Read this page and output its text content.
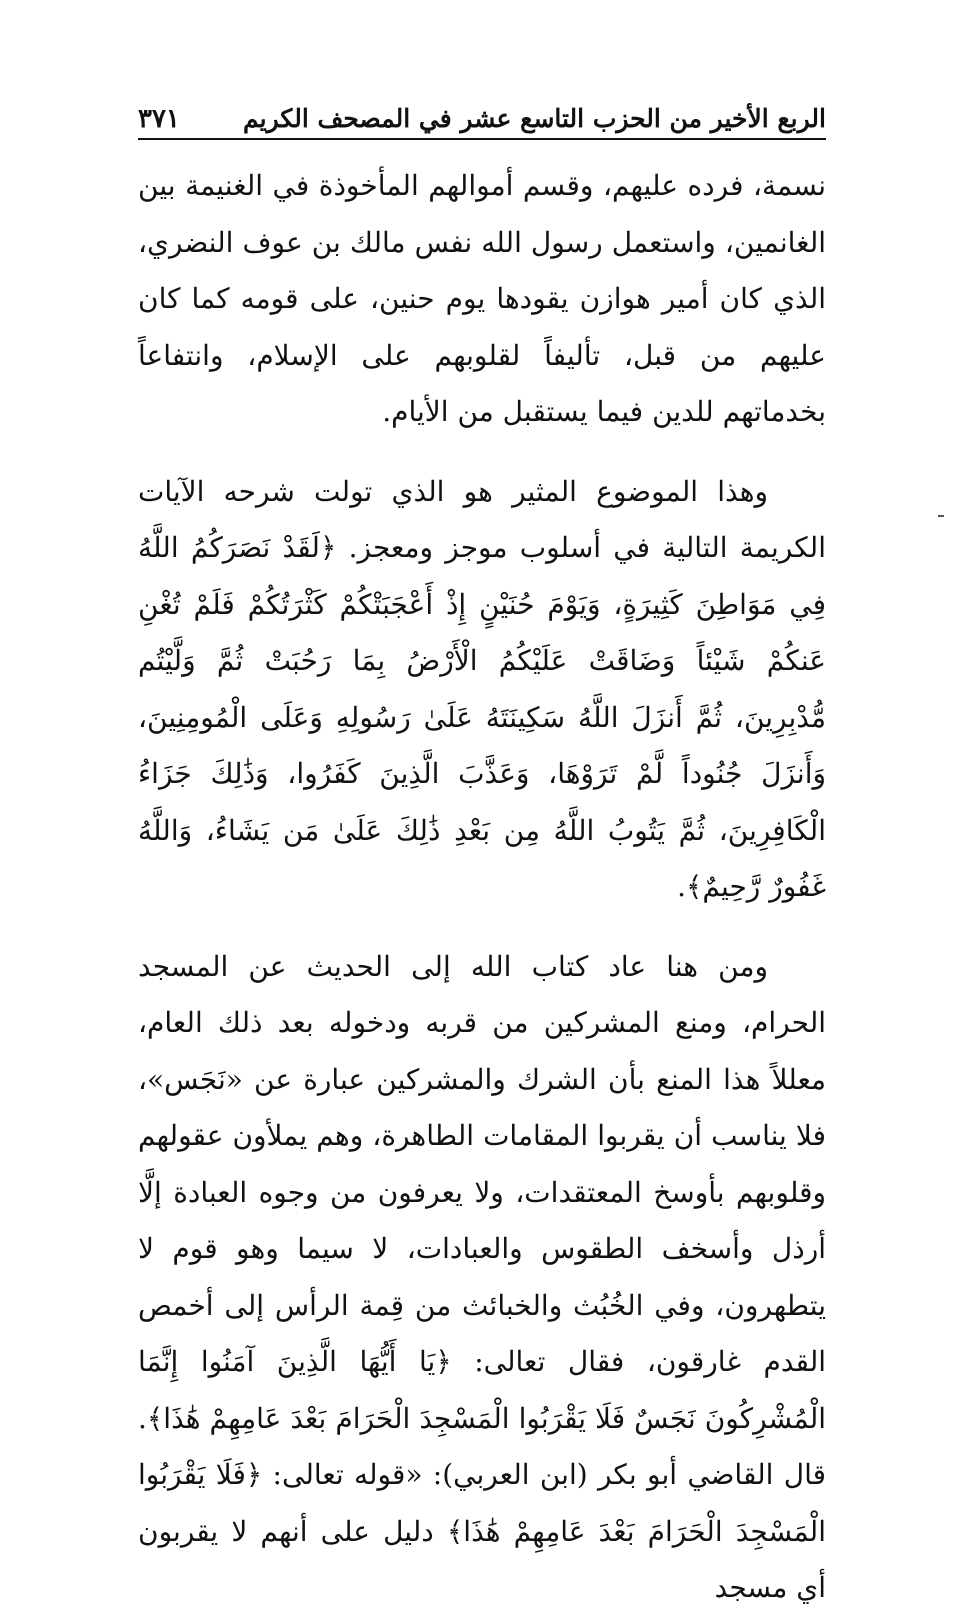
الربع الأخير من الحزب التاسع عشر في المصحف الكريم
٣٧١

نسمة، فرده عليهم، وقسم أموالهم المأخوذة في الغنيمة بين الغانمين، واستعمل رسول الله نفس مالك بن عوف النضري، الذي كان أمير هوازن يقودها يوم حنين، على قومه كما كان عليهم من قبل، تأليفاً لقلوبهم على الإسلام، وانتفاعاً بخدماتهم للدين فيما يستقبل من الأيام.

وهذا الموضوع المثير هو الذي تولت شرحه الآيات الكريمة التالية في أسلوب موجز ومعجز. ﴿لَقَدْ نَصَرَكُمُ اللَّهُ فِي مَوَاطِنَ كَثِيرَةٍ، وَيَوْمَ حُنَيْنٍ إِذْ أَعْجَبَتْكُمْ كَثْرَتُكُمْ فَلَمْ تُغْنِ عَنكُمْ شَيْئاً وَضَاقَتْ عَلَيْكُمُ الْأَرْضُ بِمَا رَحُبَتْ ثُمَّ وَلَّيْتُم مُّدْبِرِينَ، ثُمَّ أَنزَلَ اللَّهُ سَكِينَتَهُ عَلَىٰ رَسُولِهِ وَعَلَى الْمُومِنِينَ، وَأَنزَلَ جُنُوداً لَّمْ تَرَوْهَا، وَعَذَّبَ الَّذِينَ كَفَرُوا، وَذَٰلِكَ جَزَاءُ الْكَافِرِينَ، ثُمَّ يَتُوبُ اللَّهُ مِن بَعْدِ ذَٰلِكَ عَلَىٰ مَن يَشَاءُ، وَاللَّهُ غَفُورٌ رَّحِيمٌ﴾.

ومن هنا عاد كتاب الله إلى الحديث عن المسجد الحرام، ومنع المشركين من قربه ودخوله بعد ذلك العام، معللاً هذا المنع بأن الشرك والمشركين عبارة عن «نَجَس»، فلا يناسب أن يقربوا المقامات الطاهرة، وهم يملأون عقولهم وقلوبهم بأوسخ المعتقدات، ولا يعرفون من وجوه العبادة إلَّا أرذل وأسخف الطقوس والعبادات، لا سيما وهو قوم لا يتطهرون، وفي الخُبُث والخبائث من قِمة الرأس إلى أخمص القدم غارقون، فقال تعالى: ﴿يَا أَيُّهَا الَّذِينَ آمَنُوا إِنَّمَا الْمُشْرِكُونَ نَجَسٌ فَلَا يَقْرَبُوا الْمَسْجِدَ الْحَرَامَ بَعْدَ عَامِهِمْ هَٰذَا﴾. قال القاضي أبو بكر (ابن العربي): «قوله تعالى: ﴿فَلَا يَقْرَبُوا الْمَسْجِدَ الْحَرَامَ بَعْدَ عَامِهِمْ هَٰذَا﴾ دليل على أنهم لا يقربون أي مسجد
